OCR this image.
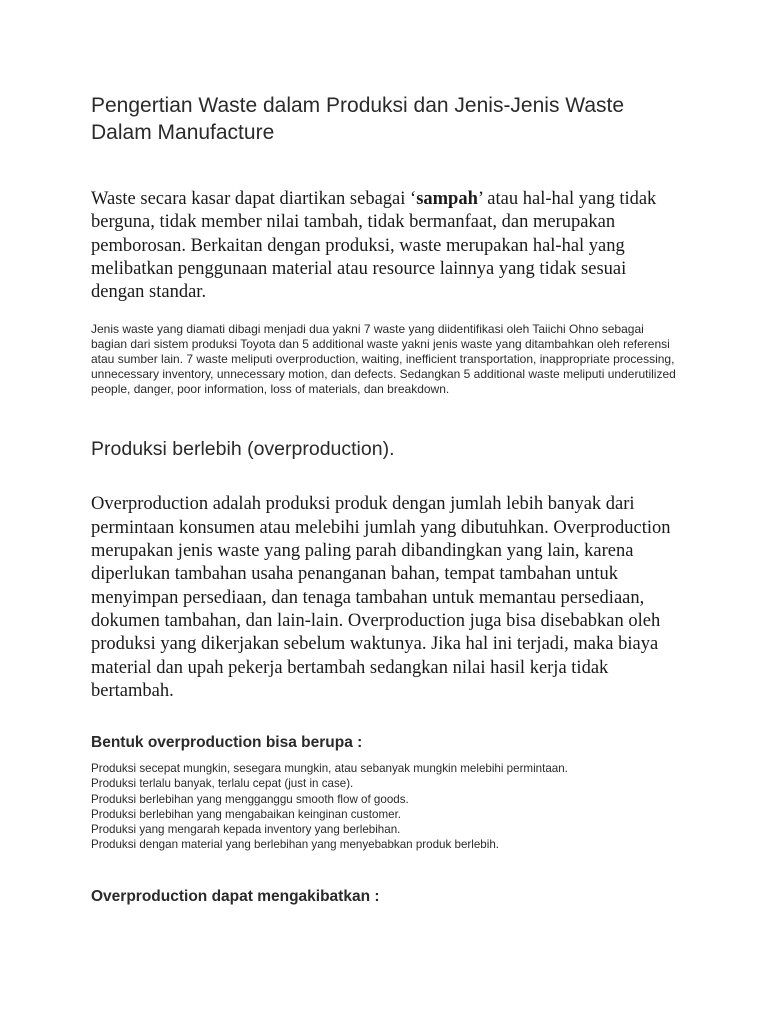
Pengertian Waste dalam Produksi dan Jenis-Jenis Waste Dalam Manufacture

Waste secara kasar dapat diartikan sebagai ‘sampah’ atau hal-hal yang tidak berguna, tidak member nilai tambah, tidak bermanfaat, dan merupakan pemborosan. Berkaitan dengan produksi, waste merupakan hal-hal yang melibatkan penggunaan material atau resource lainnya yang tidak sesuai dengan standar.

Jenis waste yang diamati dibagi menjadi dua yakni 7 waste yang diidentifikasi oleh Taiichi Ohno sebagai bagian dari sistem produksi Toyota dan 5 additional waste yakni jenis waste yang ditambahkan oleh referensi atau sumber lain. 7 waste meliputi overproduction, waiting, inefficient transportation, inappropriate processing, unnecessary inventory, unnecessary motion, dan defects. Sedangkan 5 additional waste meliputi underutilized people, danger, poor information, loss of materials, dan breakdown.

Produksi berlebih (overproduction).

Overproduction adalah produksi produk dengan jumlah lebih banyak dari permintaan konsumen atau melebihi jumlah yang dibutuhkan. Overproduction merupakan jenis waste yang paling parah dibandingkan yang lain, karena diperlukan tambahan usaha penanganan bahan, tempat tambahan untuk menyimpan persediaan, dan tenaga tambahan untuk memantau persediaan, dokumen tambahan, dan lain-lain. Overproduction juga bisa disebabkan oleh produksi yang dikerjakan sebelum waktunya. Jika hal ini terjadi, maka biaya material dan upah pekerja bertambah sedangkan nilai hasil kerja tidak bertambah.

Bentuk overproduction bisa berupa :
Produksi secepat mungkin, sesegara mungkin, atau sebanyak mungkin melebihi permintaan.
Produksi terlalu banyak, terlalu cepat (just in case).
Produksi berlebihan yang mengganggu smooth flow of goods.
Produksi berlebihan yang mengabaikan keinginan customer.
Produksi yang mengarah kepada inventory yang berlebihan.
Produksi dengan material yang berlebihan yang menyebabkan produk berlebih.
Overproduction dapat mengakibatkan :
